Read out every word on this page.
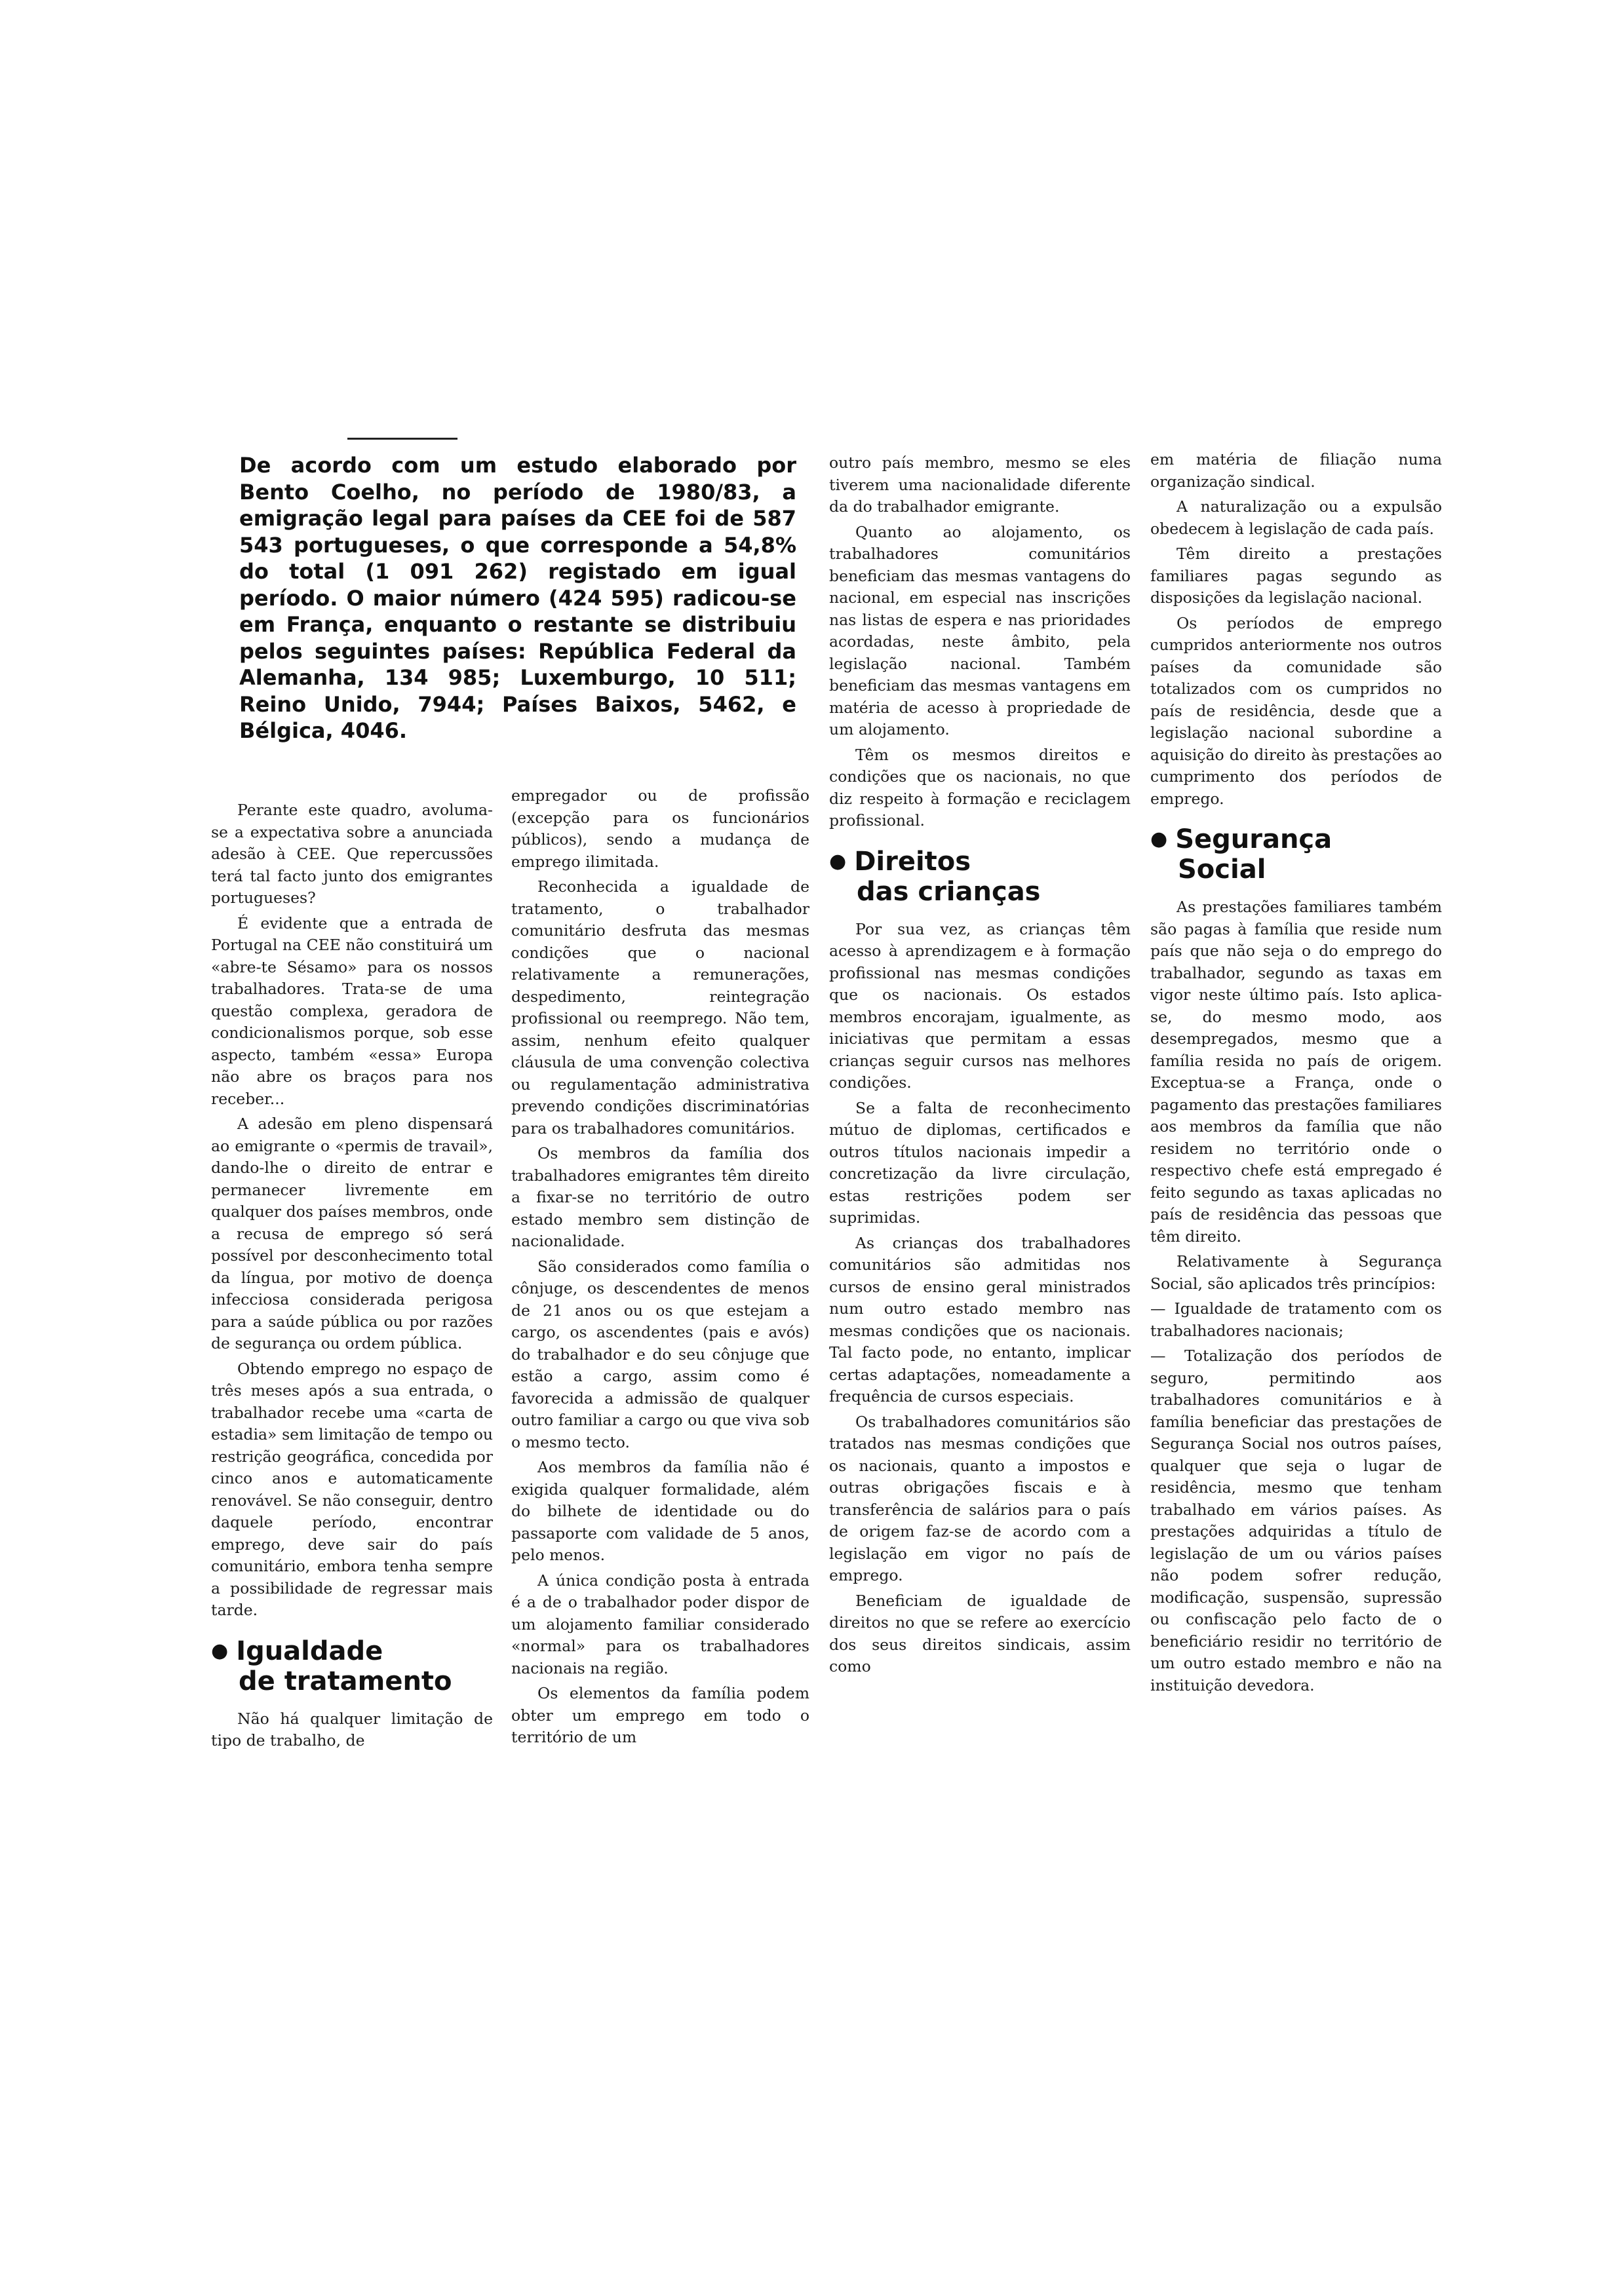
De acordo com um estudo elaborado por Bento Coelho, no período de 1980/83, a emigração legal para países da CEE foi de 587 543 portugueses, o que corresponde a 54,8% do total (1 091 262) registado em igual período. O maior número (424 595) radicou-se em França, enquanto o restante se distribuiu pelos seguintes países: República Federal da Alemanha, 134 985; Luxemburgo, 10 511; Reino Unido, 7944; Países Baixos, 5462, e Bélgica, 4046.

Perante este quadro, avoluma-se a expectativa sobre a anunciada adesão à CEE. Que repercussões terá tal facto junto dos emigrantes portugueses?

É evidente que a entrada de Portugal na CEE não constituirá um «abre-te Sésamo» para os nossos trabalhadores. Trata-se de uma questão complexa, geradora de condicionalismos porque, sob esse aspecto, também «essa» Europa não abre os braços para nos receber...

A adesão em pleno dispensará ao emigrante o «permis de travail», dando-lhe o direito de entrar e permanecer livremente em qualquer dos países membros, onde a recusa de emprego só será possível por desconhecimento total da língua, por motivo de doença infecciosa considerada perigosa para a saúde pública ou por razões de segurança ou ordem pública.

Obtendo emprego no espaço de três meses após a sua entrada, o trabalhador recebe uma «carta de estadia» sem limitação de tempo ou restrição geográfica, concedida por cinco anos e automaticamente renovável. Se não conseguir, dentro daquele período, encontrar emprego, deve sair do país comunitário, embora tenha sempre a possibilidade de regressar mais tarde.

● Igualdade
de tratamento

Não há qualquer limitação de tipo de trabalho, de

empregador ou de profissão (excepção para os funcionários públicos), sendo a mudança de emprego ilimitada.

Reconhecida a igualdade de tratamento, o trabalhador comunitário desfruta das mesmas condições que o nacional relativamente a remunerações, despedimento, reintegração profissional ou reemprego. Não tem, assim, nenhum efeito qualquer cláusula de uma convenção colectiva ou regulamentação administrativa prevendo condições discriminatórias para os trabalhadores comunitários.

Os membros da família dos trabalhadores emigrantes têm direito a fixar-se no território de outro estado membro sem distinção de nacionalidade.

São considerados como família o cônjuge, os descendentes de menos de 21 anos ou os que estejam a cargo, os ascendentes (pais e avós) do trabalhador e do seu cônjuge que estão a cargo, assim como é favorecida a admissão de qualquer outro familiar a cargo ou que viva sob o mesmo tecto.

Aos membros da família não é exigida qualquer formalidade, além do bilhete de identidade ou do passaporte com validade de 5 anos, pelo menos.

A única condição posta à entrada é a de o trabalhador poder dispor de um alojamento familiar considerado «normal» para os trabalhadores nacionais na região.

Os elementos da família podem obter um emprego em todo o território de um

outro país membro, mesmo se eles tiverem uma nacionalidade diferente da do trabalhador emigrante.

Quanto ao alojamento, os trabalhadores comunitários beneficiam das mesmas vantagens do nacional, em especial nas inscrições nas listas de espera e nas prioridades acordadas, neste âmbito, pela legislação nacional. Também beneficiam das mesmas vantagens em matéria de acesso à propriedade de um alojamento.

Têm os mesmos direitos e condições que os nacionais, no que diz respeito à formação e reciclagem profissional.

● Direitos
das crianças

Por sua vez, as crianças têm acesso à aprendizagem e à formação profissional nas mesmas condições que os nacionais. Os estados membros encorajam, igualmente, as iniciativas que permitam a essas crianças seguir cursos nas melhores condições.

Se a falta de reconhecimento mútuo de diplomas, certificados e outros títulos nacionais impedir a concretização da livre circulação, estas restrições podem ser suprimidas.

As crianças dos trabalhadores comunitários são admitidas nos cursos de ensino geral ministrados num outro estado membro nas mesmas condições que os nacionais. Tal facto pode, no entanto, implicar certas adaptações, nomeadamente a frequência de cursos especiais.

Os trabalhadores comunitários são tratados nas mesmas condições que os nacionais, quanto a impostos e outras obrigações fiscais e à transferência de salários para o país de origem faz-se de acordo com a legislação em vigor no país de emprego.

Beneficiam de igualdade de direitos no que se refere ao exercício dos seus direitos sindicais, assim como

em matéria de filiação numa organização sindical.

A naturalização ou a expulsão obedecem à legislação de cada país.

Têm direito a prestações familiares pagas segundo as disposições da legislação nacional.

Os períodos de emprego cumpridos anteriormente nos outros países da comunidade são totalizados com os cumpridos no país de residência, desde que a legislação nacional subordine a aquisição do direito às prestações ao cumprimento dos períodos de emprego.

● Segurança
Social

As prestações familiares também são pagas à família que reside num país que não seja o do emprego do trabalhador, segundo as taxas em vigor neste último país. Isto aplica-se, do mesmo modo, aos desempregados, mesmo que a família resida no país de origem. Exceptua-se a França, onde o pagamento das prestações familiares aos membros da família que não residem no território onde o respectivo chefe está empregado é feito segundo as taxas aplicadas no país de residência das pessoas que têm direito.

Relativamente à Segurança Social, são aplicados três princípios:

— Igualdade de tratamento com os trabalhadores nacionais;

— Totalização dos períodos de seguro, permitindo aos trabalhadores comunitários e à família beneficiar das prestações de Segurança Social nos outros países, qualquer que seja o lugar de residência, mesmo que tenham trabalhado em vários países. As prestações adquiridas a título de legislação de um ou vários países não podem sofrer redução, modificação, suspensão, supressão ou confiscação pelo facto de o beneficiário residir no território de um outro estado membro e não na instituição devedora.
